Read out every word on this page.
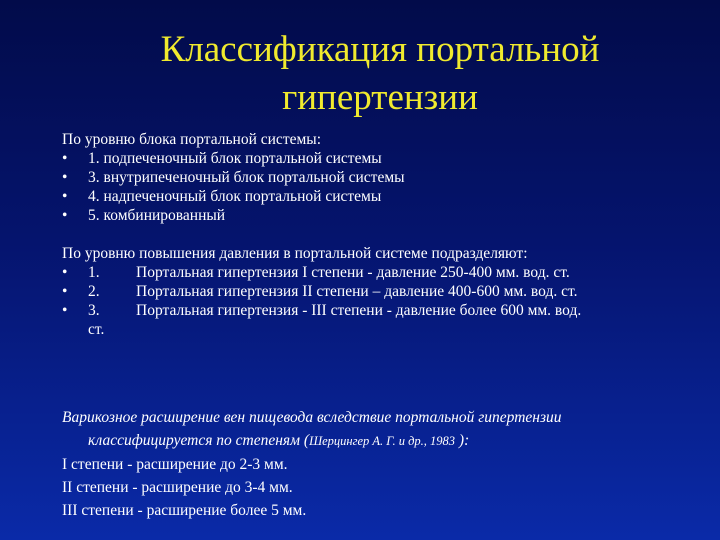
Классификация портальной
гипертензии
По уровню блока портальной системы:
• 1. подпеченочный блок портальной системы
• 3. внутрипеченочный блок портальной системы
• 4. надпеченочный блок портальной системы
• 5. комбинированный
По уровню повышения давления в портальной системе подразделяют:
• 1. Портальная гипертензия I степени - давление 250-400 мм. вод. ст.
• 2. Портальная гипертензия II степени – давление 400-600 мм. вод. ст.
• 3. Портальная гипертензия - III степени - давление более 600 мм. вод.
ст.
Варикозное расширение вен пищевода вследствие портальной гипертензии
классифицируется по степеням (Шерцингер А. Г. и др., 1983 ):
I степени - расширение до 2-3 мм.
II степени - расширение до 3-4 мм.
III степени - расширение более 5 мм.
